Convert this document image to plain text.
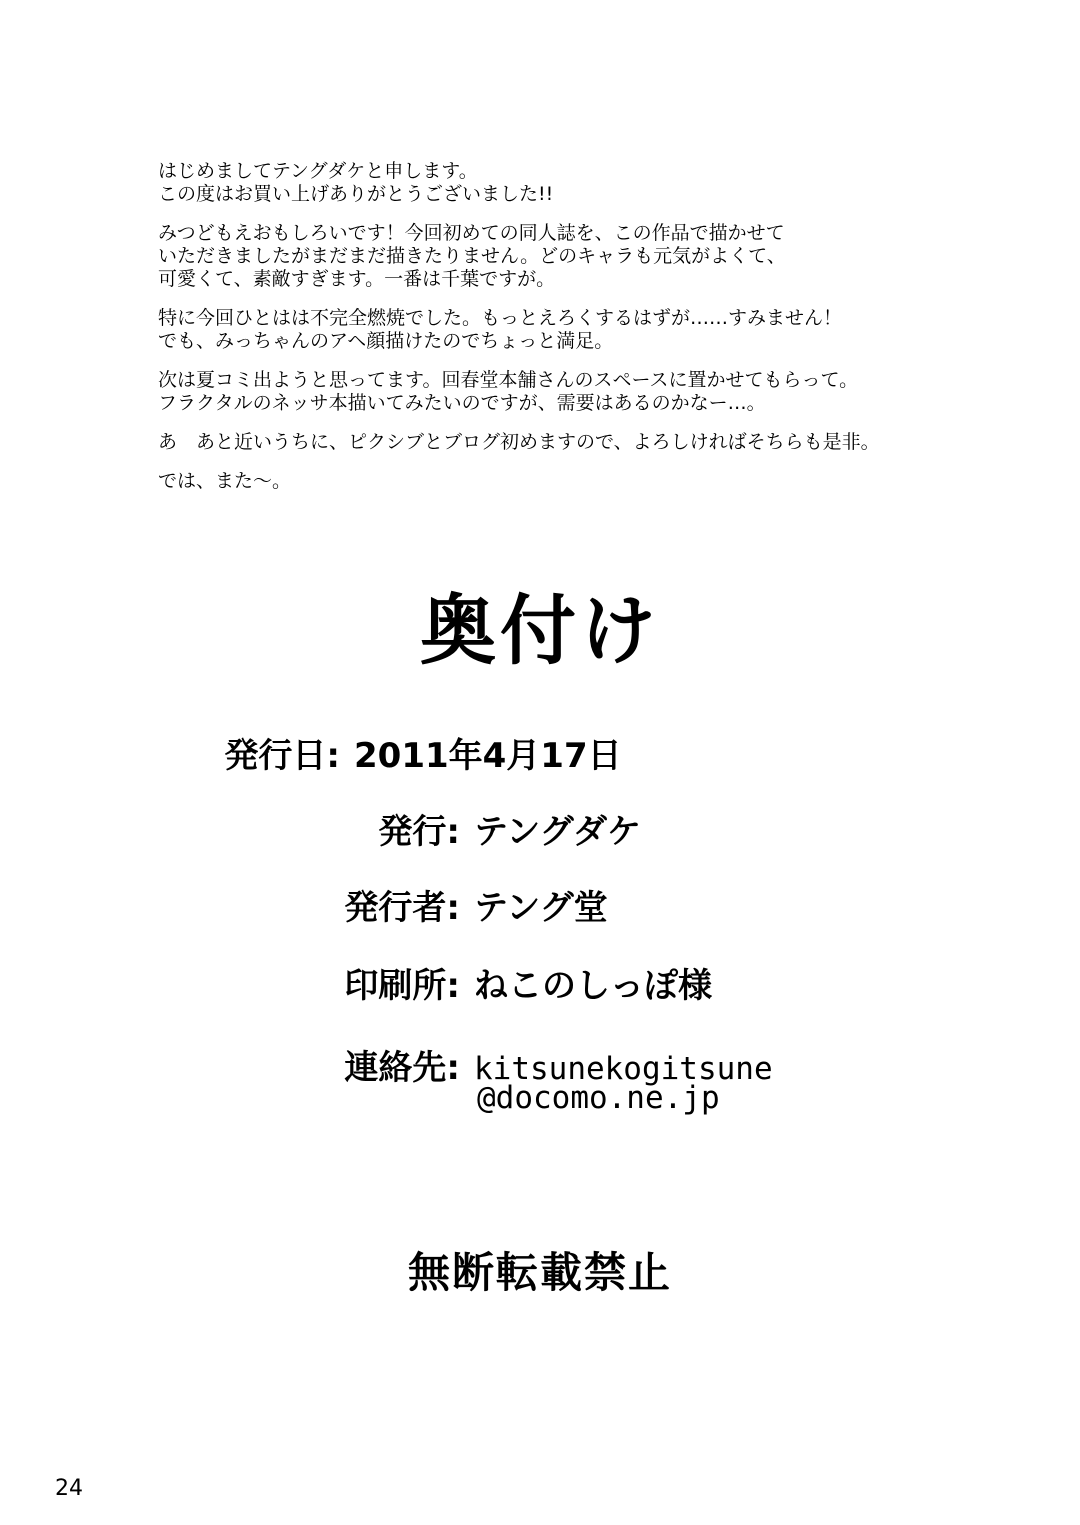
はじめましてテングダケと申します。
この度はお買い上げありがとうございました!!
みつどもえおもしろいです！今回初めての同人誌を、この作品で描かせて
いただきましたがまだまだ描きたりません。どのキャラも元気がよくて、
可愛くて、素敵すぎます。一番は千葉ですが。
特に今回ひとはは不完全燃焼でした。もっとえろくするはずが……すみません！
でも、みっちゃんのアヘ顔描けたのでちょっと満足。
次は夏コミ出ようと思ってます。回春堂本舗さんのスペースに置かせてもらって。
フラクタルのネッサ本描いてみたいのですが、需要はあるのかなー…。
あ　あと近いうちに、ピクシブとブログ初めますので、よろしければそちらも是非。
では、また〜。
奥付け
発行日: 2011年4月17日
発行: テングダケ
発行者: テング堂
印刷所: ねこのしっぽ様
連絡先: kitsunekogitsune
@docomo.ne.jp
無断転載禁止
24
